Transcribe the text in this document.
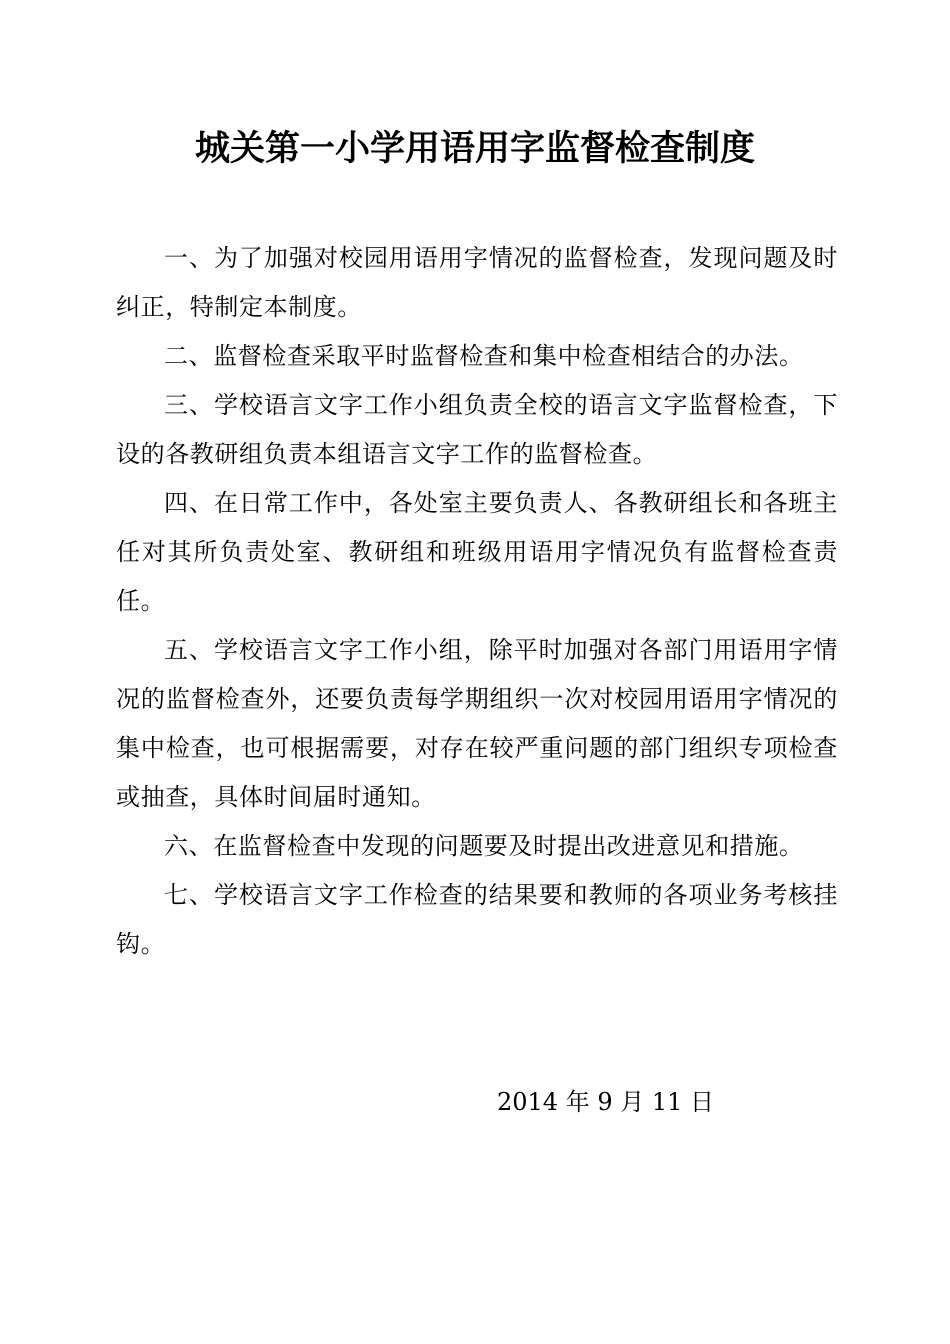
城关第一小学用语用字监督检查制度

一、为了加强对校园用语用字情况的监督检查，发现问题及时纠正，特制定本制度。

二、监督检查采取平时监督检查和集中检查相结合的办法。

三、学校语言文字工作小组负责全校的语言文字监督检查，下设的各教研组负责本组语言文字工作的监督检查。

四、在日常工作中，各处室主要负责人、各教研组长和各班主任对其所负责处室、教研组和班级用语用字情况负有监督检查责任。

五、学校语言文字工作小组，除平时加强对各部门用语用字情况的监督检查外，还要负责每学期组织一次对校园用语用字情况的集中检查，也可根据需要，对存在较严重问题的部门组织专项检查或抽查，具体时间届时通知。

六、在监督检查中发现的问题要及时提出改进意见和措施。

七、学校语言文字工作检查的结果要和教师的各项业务考核挂钩。

2014 年 9 月 11 日
